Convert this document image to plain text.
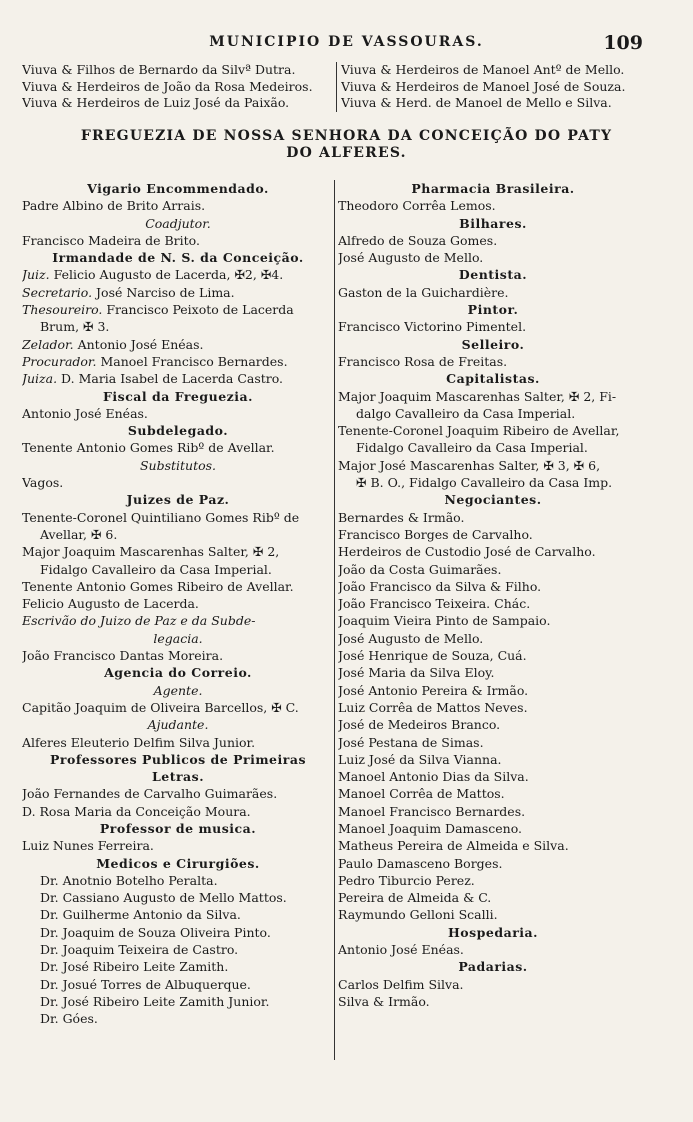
MUNICIPIO DE VASSOURAS.	109
Viuva & Filhos de Bernardo da Silvª Dutra.
Viuva & Herdeiros de João da Rosa Medeiros.
Viuva & Herdeiros de Luiz José da Paixão.
Viuva & Herdeiros de Manoel Antº de Mello.
Viuva & Herdeiros de Manoel José de Souza.
Viuva & Herd. de Manoel de Mello e Silva.
FREGUEZIA DE NOSSA SENHORA DA CONCEIÇÃO DO PATY
DO ALFERES.
Vigario Encommendado.
Padre Albino de Brito Arrais.
Coadjutor.
Francisco Madeira de Brito.
Irmandade de N. S. da Conceição.
Juiz. Felicio Augusto de Lacerda, ✠2, ✠4.
Secretario. José Narciso de Lima.
Thesoureiro. Francisco Peixoto de Lacerda
Brum, ✠ 3.
Zelador. Antonio José Enéas.
Procurador. Manoel Francisco Bernardes.
Juiza. D. Maria Isabel de Lacerda Castro.
Fiscal da Freguezia.
Antonio José Enéas.
Subdelegado.
Tenente Antonio Gomes Ribº de Avellar.
Substitutos.
Vagos.
Juizes de Paz.
Tenente-Coronel Quintiliano Gomes Ribº de
Avellar, ✠ 6.
Major Joaquim Mascarenhas Salter, ✠ 2,
Fidalgo Cavalleiro da Casa Imperial.
Tenente Antonio Gomes Ribeiro de Avellar.
Felicio Augusto de Lacerda.
Escrivão do Juizo de Paz e da Subde-
legacia.
João Francisco Dantas Moreira.
Agencia do Correio.
Agente.
Capitão Joaquim de Oliveira Barcellos, ✠ C.
Ajudante.
Alferes Eleuterio Delfim Silva Junior.
Professores Publicos de Primeiras
Letras.
João Fernandes de Carvalho Guimarães.
D. Rosa Maria da Conceição Moura.
Professor de musica.
Luiz Nunes Ferreira.
Medicos e Cirurgiões.
Dr. Anotnio Botelho Peralta.
Dr. Cassiano Augusto de Mello Mattos.
Dr. Guilherme Antonio da Silva.
Dr. Joaquim de Souza Oliveira Pinto.
Dr. Joaquim Teixeira de Castro.
Dr. José Ribeiro Leite Zamith.
Dr. Josué Torres de Albuquerque.
Dr. José Ribeiro Leite Zamith Junior.
Dr. Góes.
Pharmacia Brasileira.
Theodoro Corrêa Lemos.
Bilhares.
Alfredo de Souza Gomes.
José Augusto de Mello.
Dentista.
Gaston de la Guichardière.
Pintor.
Francisco Victorino Pimentel.
Selleiro.
Francisco Rosa de Freitas.
Capitalistas.
Major Joaquim Mascarenhas Salter, ✠ 2, Fi-
dalgo Cavalleiro da Casa Imperial.
Tenente-Coronel Joaquim Ribeiro de Avellar,
Fidalgo Cavalleiro da Casa Imperial.
Major José Mascarenhas Salter, ✠ 3, ✠ 6,
✠ B. O., Fidalgo Cavalleiro da Casa Imp.
Negociantes.
Bernardes & Irmão.
Francisco Borges de Carvalho.
Herdeiros de Custodio José de Carvalho.
João da Costa Guimarães.
João Francisco da Silva & Filho.
João Francisco Teixeira. Chác.
Joaquim Vieira Pinto de Sampaio.
José Augusto de Mello.
José Henrique de Souza, Cuá.
José Maria da Silva Eloy.
José Antonio Pereira & Irmão.
Luiz Corrêa de Mattos Neves.
José de Medeiros Branco.
José Pestana de Simas.
Luiz José da Silva Vianna.
Manoel Antonio Dias da Silva.
Manoel Corrêa de Mattos.
Manoel Francisco Bernardes.
Manoel Joaquim Damasceno.
Matheus Pereira de Almeida e Silva.
Paulo Damasceno Borges.
Pedro Tiburcio Perez.
Pereira de Almeida & C.
Raymundo Gelloni Scalli.
Hospedaria.
Antonio José Enéas.
Padarias.
Carlos Delfim Silva.
Silva & Irmão.
